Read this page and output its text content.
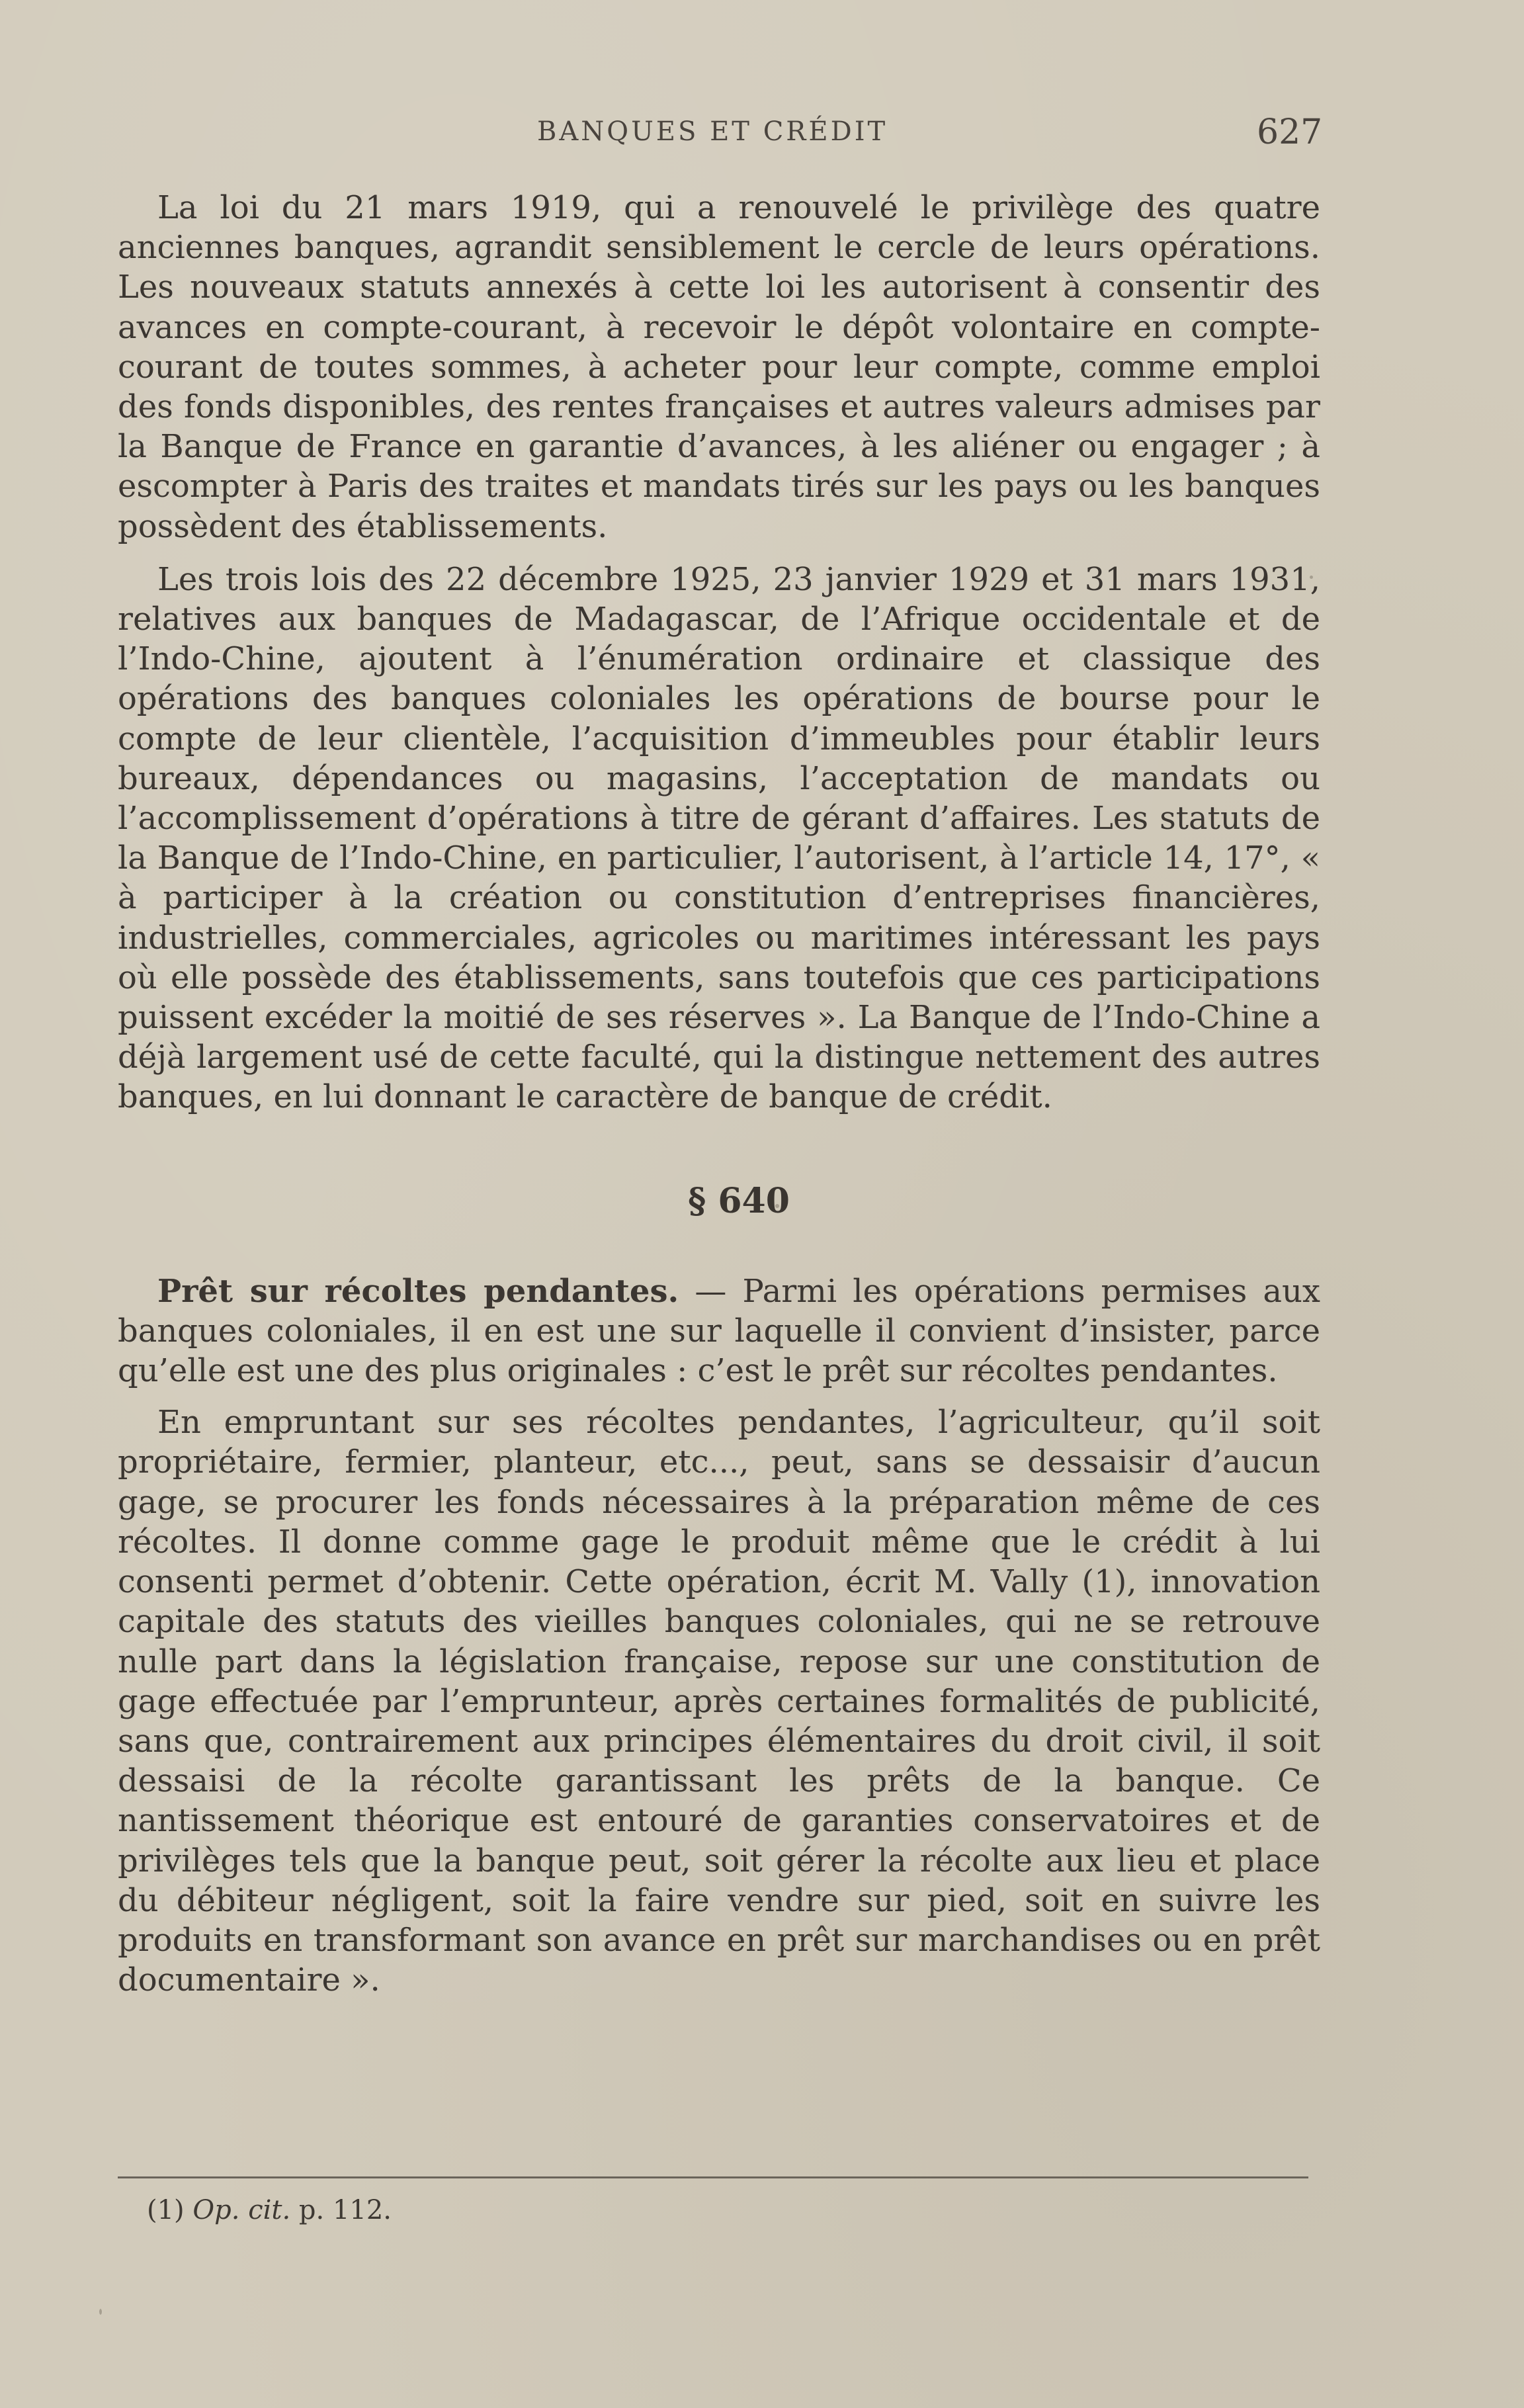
BANQUES ET CRÉDIT	627

La loi du 21 mars 1919, qui a renouvelé le privilège des quatre anciennes banques, agrandit sensiblement le cercle de leurs opérations. Les nouveaux statuts annexés à cette loi les autorisent à consentir des avances en compte-courant, à recevoir le dépôt volontaire en compte-courant de toutes sommes, à acheter pour leur compte, comme emploi des fonds disponibles, des rentes françaises et autres valeurs admises par la Banque de France en garantie d’avances, à les aliéner ou engager ; à escompter à Paris des traites et mandats tirés sur les pays ou les banques possèdent des établissements.

Les trois lois des 22 décembre 1925, 23 janvier 1929 et 31 mars 1931, relatives aux banques de Madagascar, de l’Afrique occidentale et de l’Indo-Chine, ajoutent à l’énumération ordinaire et classique des opérations des banques coloniales les opérations de bourse pour le compte de leur clientèle, l’acquisition d’immeubles pour établir leurs bureaux, dépendances ou magasins, l’acceptation de mandats ou l’accomplissement d’opérations à titre de gérant d’affaires. Les statuts de la Banque de l’Indo-Chine, en particulier, l’autorisent, à l’article 14, 17°, « à participer à la création ou constitution d’entreprises financières, industrielles, commerciales, agricoles ou maritimes intéressant les pays où elle possède des établissements, sans toutefois que ces participations puissent excéder la moitié de ses réserves ». La Banque de l’Indo-Chine a déjà largement usé de cette faculté, qui la distingue nettement des autres banques, en lui donnant le caractère de banque de crédit.

§ 640

Prêt sur récoltes pendantes. — Parmi les opérations permises aux banques coloniales, il en est une sur laquelle il convient d’insister, parce qu’elle est une des plus originales : c’est le prêt sur récoltes pendantes.

En empruntant sur ses récoltes pendantes, l’agriculteur, qu’il soit propriétaire, fermier, planteur, etc..., peut, sans se dessaisir d’aucun gage, se procurer les fonds nécessaires à la préparation même de ces récoltes. Il donne comme gage le produit même que le crédit à lui consenti permet d’obtenir. Cette opération, écrit M. Vally (1), innovation capitale des statuts des vieilles banques coloniales, qui ne se retrouve nulle part dans la législation française, repose sur une constitution de gage effectuée par l’emprunteur, après certaines formalités de publicité, sans que, contrairement aux principes élémentaires du droit civil, il soit dessaisi de la récolte garantissant les prêts de la banque. Ce nantissement théorique est entouré de garanties conservatoires et de privilèges tels que la banque peut, soit gérer la récolte aux lieu et place du débiteur négligent, soit la faire vendre sur pied, soit en suivre les produits en transformant son avance en prêt sur marchandises ou en prêt documentaire ».

(1) Op. cit. p. 112.
